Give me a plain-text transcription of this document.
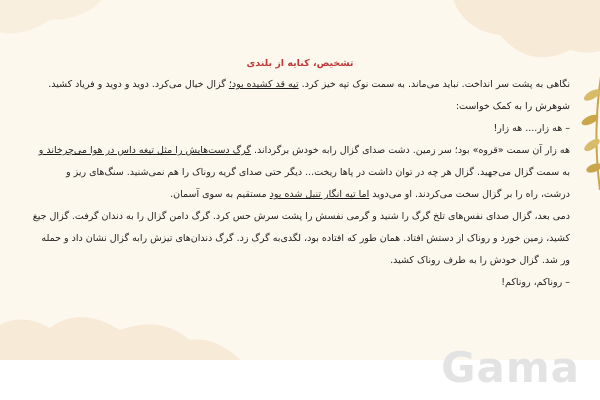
تشخیص، کنایه از بلندی
نگاهی به پشت سر انداخت. نباید می‌ماند. به سمت نوک تپه خیز کرد. تپه قد کشیده بود؛ گزال خیال می‌کرد. دوید و دوید و فریاد کشید.
شوهرش را به کمک خواست:
– هه زار.... هه زار!
هه زار آن سمت «قروه» بود؛ سر زمین. دشت صدای گزال رابه خودش برگرداند. گرگ دست‌هایش را مثل تیغه داس در هوا می‌چرخاند و
به سمت گزال می‌جهید. گزال هر چه در توان داشت در پاها ریخت... دیگر حتی صدای گریه روناک را هم نمی‌شنید. سنگ‌های ریز و
درشت، راه را بر گزال سخت می‌کردند. او می‌دوید اما تپه انگار تنبل شده بود مستقیم به سوی آسمان.
دمی بعد، گزال صدای نفس‌های تلخ گرگ را شنید و گرمی نفسش را پشت سرش حس کرد. گرگ دامن گزال را به دندان گرفت. گزال جیغ
کشید، زمین خورد و روناک از دستش افتاد. همان طور که افتاده بود، لگدی‌به گرگ زد. گرگ دندان‌های تیزش رابه گزال نشان داد و حمله
ور شد. گزال خودش را به طرف روناک کشید.
– روناکم، روناکم!
Gama
